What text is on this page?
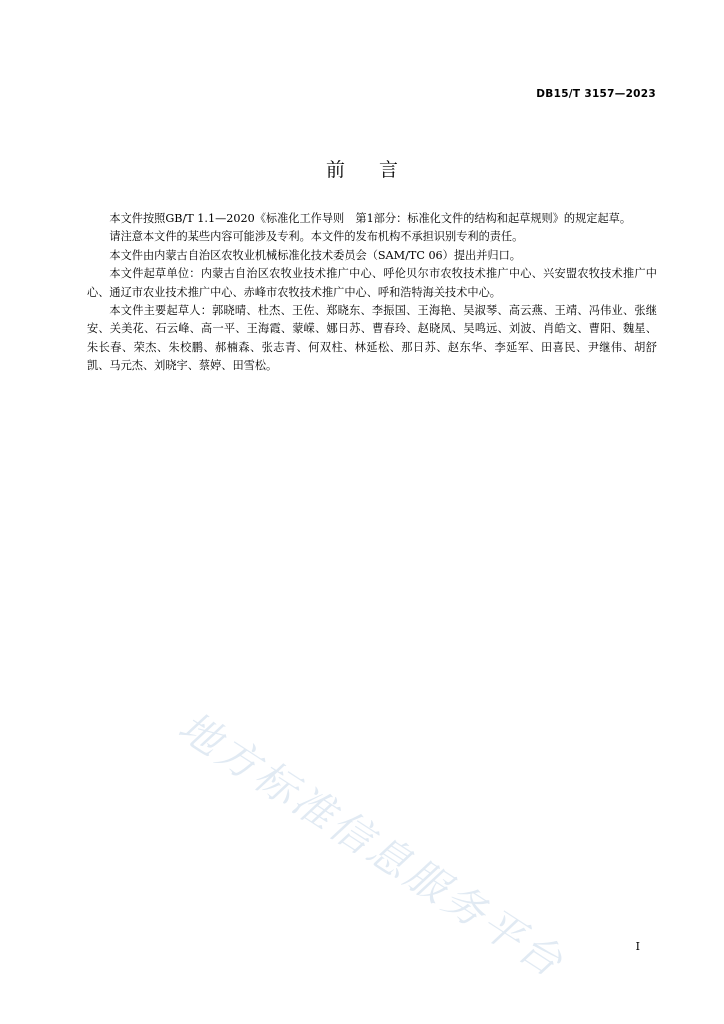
DB15/T 3157—2023
前言

本文件按照GB/T 1.1—2020《标准化工作导则　第1部分：标准化文件的结构和起草规则》的规定起草。

请注意本文件的某些内容可能涉及专利。本文件的发布机构不承担识别专利的责任。

本文件由内蒙古自治区农牧业机械标准化技术委员会（SAM/TC 06）提出并归口。

本文件起草单位：内蒙古自治区农牧业技术推广中心、呼伦贝尔市农牧技术推广中心、兴安盟农牧技术推广中心、通辽市农业技术推广中心、赤峰市农牧技术推广中心、呼和浩特海关技术中心。

本文件主要起草人：郭晓晴、杜杰、王佐、郑晓东、李振国、王海艳、吴淑琴、高云燕、王靖、冯伟业、张继安、关美花、石云峰、高一平、王海霞、蒙嵘、娜日苏、曹春玲、赵晓凤、吴鸣远、刘波、肖皓文、曹阳、魏星、朱长春、荣杰、朱校鹏、郝楠森、张志青、何双柱、林延松、那日苏、赵东华、李延军、田喜民、尹继伟、胡舒凯、马元杰、刘晓宇、蔡婷、田雪松。

地方标准信息服务平台	I
